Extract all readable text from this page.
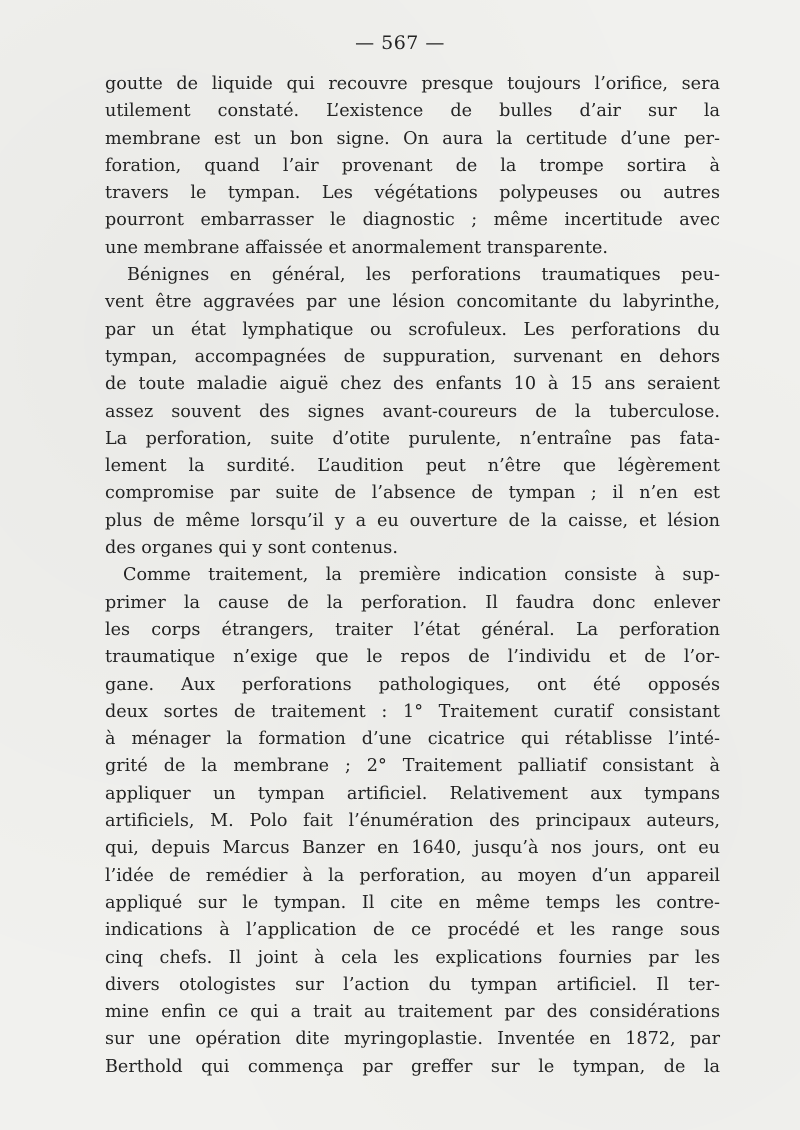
— 567 —
goutte de liquide qui recouvre presque toujours l’orifice, sera
utilement constaté. L’existence de bulles d’air sur la
membrane est un bon signe. On aura la certitude d’une per-
foration, quand l’air provenant de la trompe sortira à
travers le tympan. Les végétations polypeuses ou autres
pourront embarrasser le diagnostic ; même incertitude avec
une membrane affaissée et anormalement transparente.
Bénignes en général, les perforations traumatiques peu-
vent être aggravées par une lésion concomitante du labyrinthe,
par un état lymphatique ou scrofuleux. Les perforations du
tympan, accompagnées de suppuration, survenant en dehors
de toute maladie aiguë chez des enfants 10 à 15 ans seraient
assez souvent des signes avant-coureurs de la tuberculose.
La perforation, suite d’otite purulente, n’entraîne pas fata-
lement la surdité. L’audition peut n’être que légèrement
compromise par suite de l’absence de tympan ; il n’en est
plus de même lorsqu’il y a eu ouverture de la caisse, et lésion
des organes qui y sont contenus.
Comme traitement, la première indication consiste à sup-
primer la cause de la perforation. Il faudra donc enlever
les corps étrangers, traiter l’état général. La perforation
traumatique n’exige que le repos de l’individu et de l’or-
gane. Aux perforations pathologiques, ont été opposés
deux sortes de traitement : 1° Traitement curatif consistant
à ménager la formation d’une cicatrice qui rétablisse l’inté-
grité de la membrane ; 2° Traitement palliatif consistant à
appliquer un tympan artificiel. Relativement aux tympans
artificiels, M. Polo fait l’énumération des principaux auteurs,
qui, depuis Marcus Banzer en 1640, jusqu’à nos jours, ont eu
l’idée de remédier à la perforation, au moyen d’un appareil
appliqué sur le tympan. Il cite en même temps les contre-
indications à l’application de ce procédé et les range sous
cinq chefs. Il joint à cela les explications fournies par les
divers otologistes sur l’action du tympan artificiel. Il ter-
mine enfin ce qui a trait au traitement par des considérations
sur une opération dite myringoplastie. Inventée en 1872, par
Berthold qui commença par greffer sur le tympan, de la
